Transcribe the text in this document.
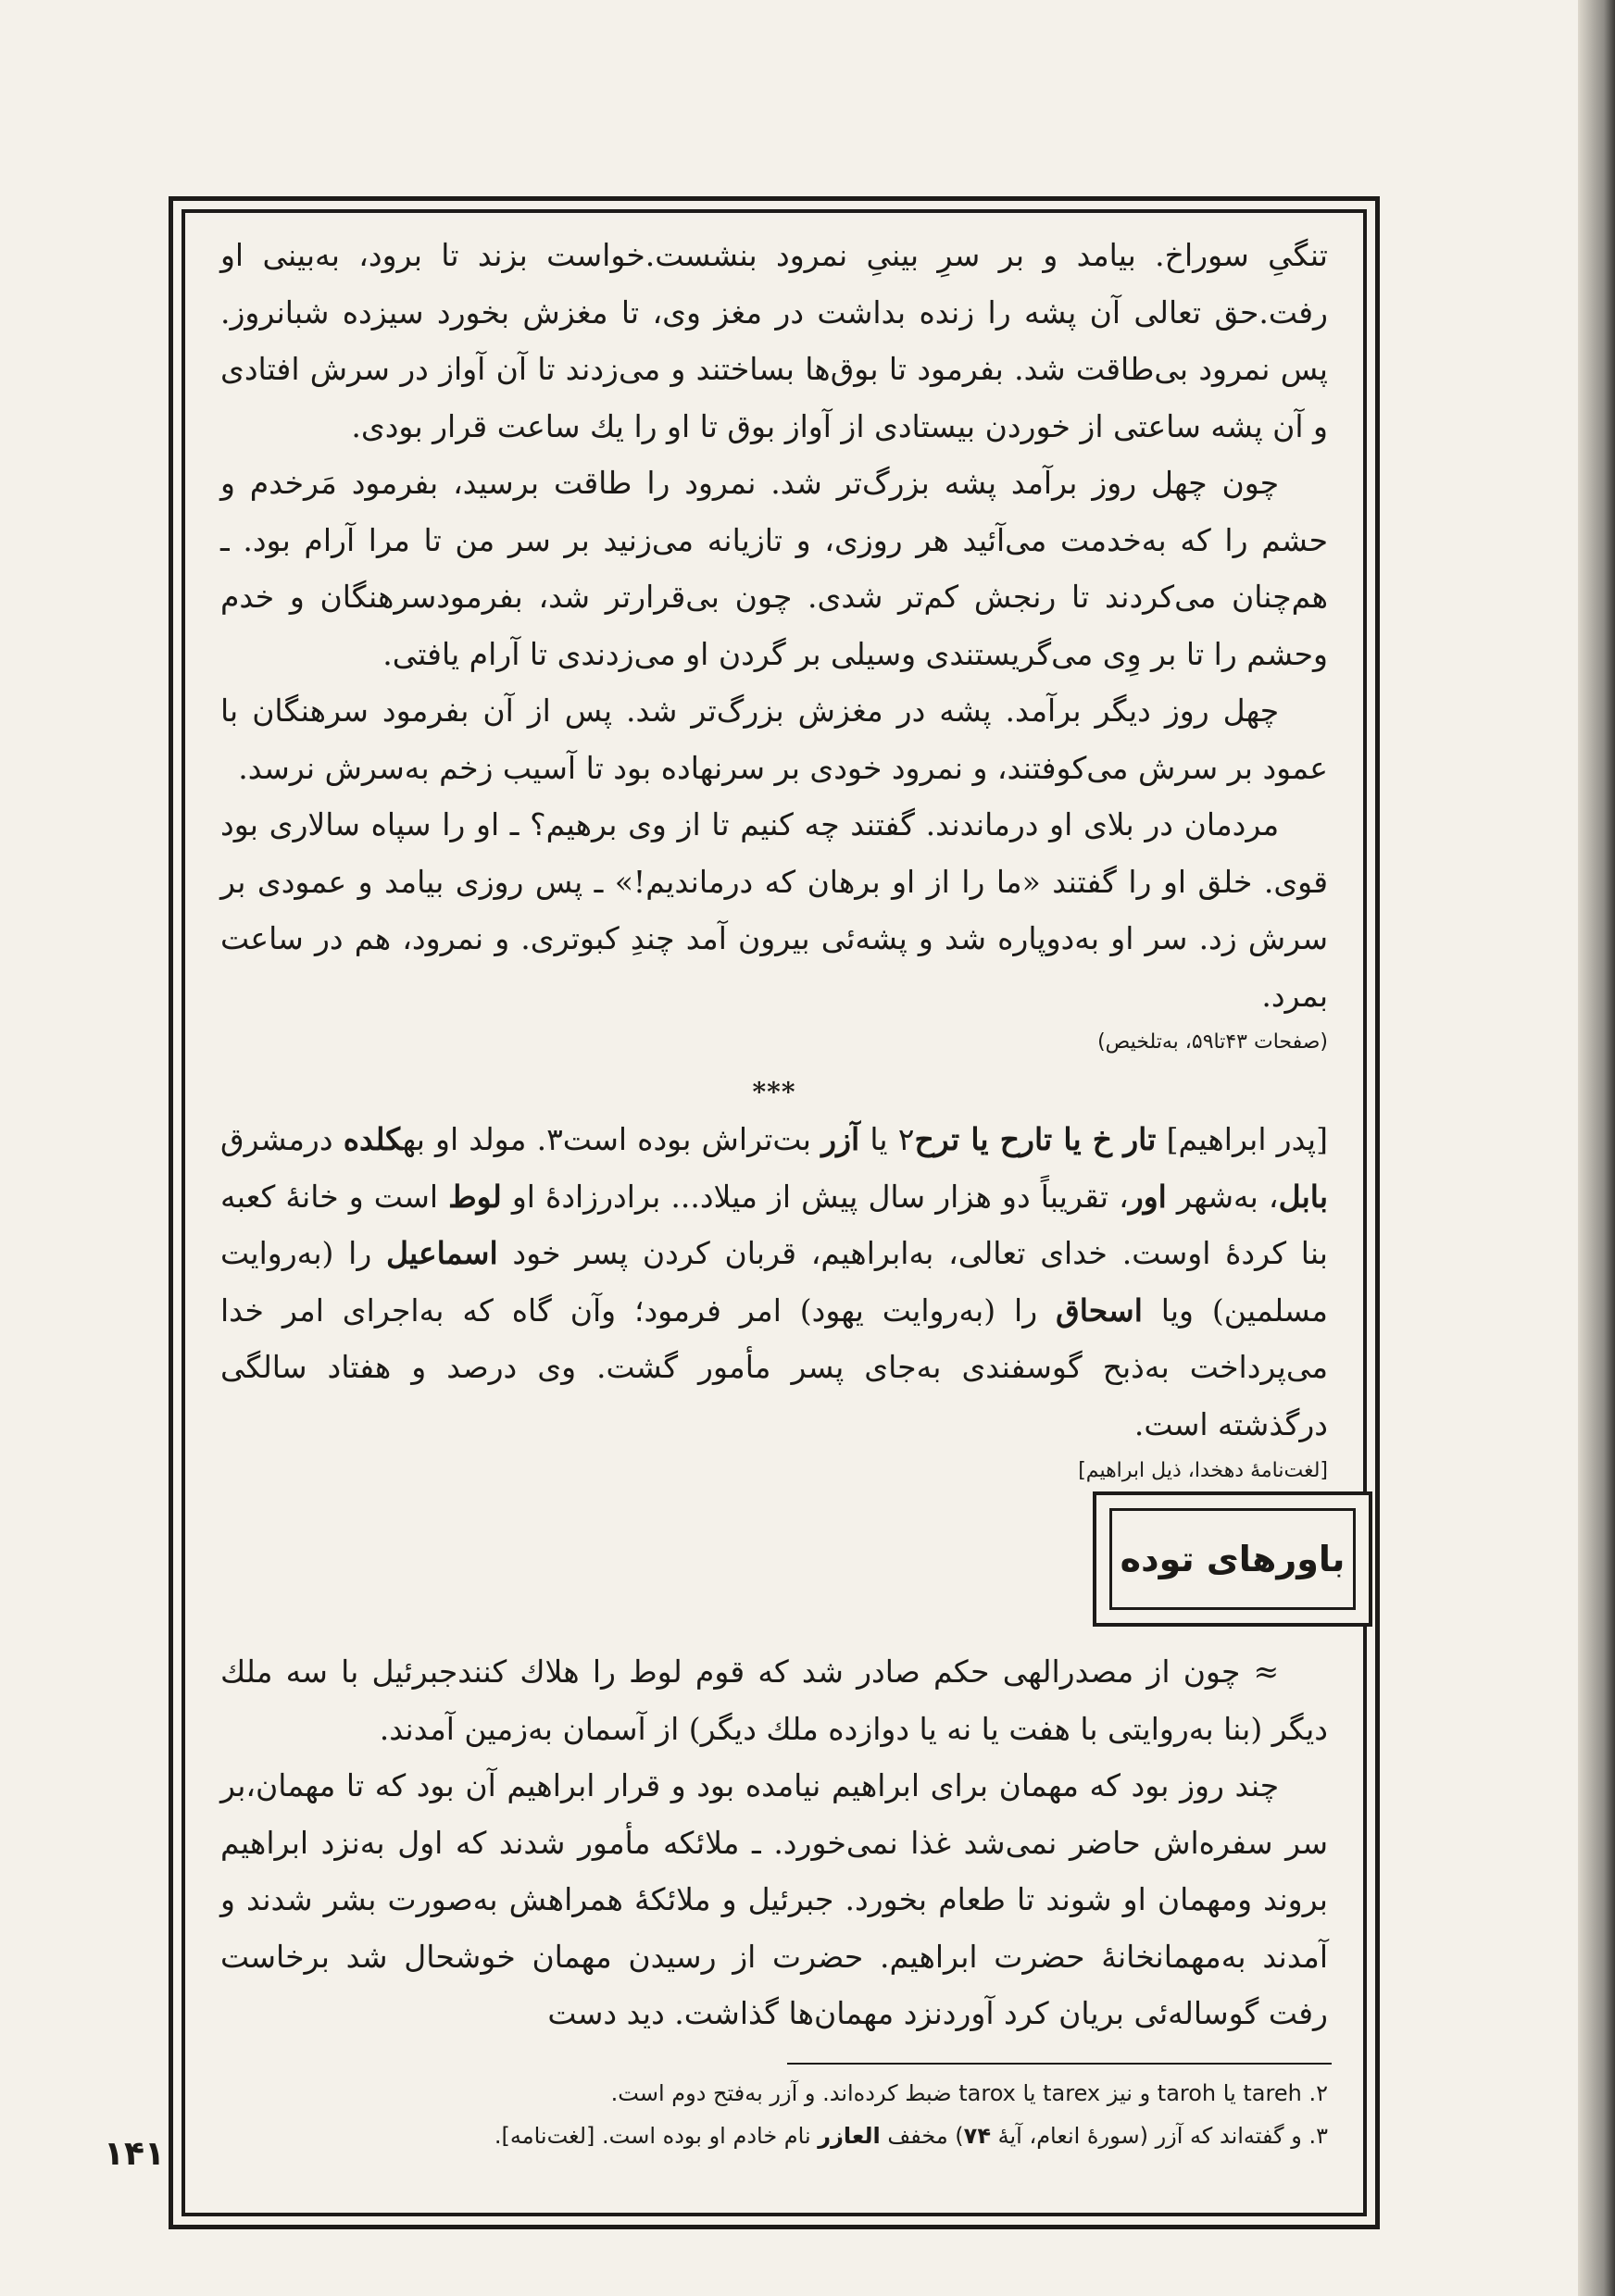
تنگیِ سوراخ. بیامد و بر سرِ بینیِ نمرود بنشست.خواست بزند تا برود، به‌بینی او رفت.حق تعالی آن پشه را زنده بداشت در مغز وی، تا مغزش بخورد سیزده شبانروز. پس نمرود بی‌طاقت شد. بفرمود تا بوق‌ها بساختند و می‌زدند تا آن آواز در سرش افتادی و آن پشه ساعتی از خوردن بیستادی از آواز بوق تا او را یك ساعت قرار بودی.

چون چهل روز برآمد پشه بزرگ‌تر شد. نمرود را طاقت برسید، بفرمود مَرخدم و حشم را که به‌خدمت می‌آئید هر روزی، و تازیانه می‌زنید بر سر من تا مرا آرام بود. ـ هم‌چنان می‌کردند تا رنجش کم‌تر شدی. چون بی‌قرارتر شد، بفرمودسرهنگان و خدم وحشم را تا بر وِی می‌گریستندی وسیلی بر گردن او می‌زدندی تا آرام یافتی.

چهل روز دیگر برآمد. پشه در مغزش بزرگ‌تر شد. پس از آن بفرمود سرهنگان با عمود بر سرش می‌کوفتند، و نمرود خودی بر سرنهاده بود تا آسیب زخم به‌سرش نرسد.

مردمان در بلای او درماندند. گفتند چه کنیم تا از وی برهیم؟ ـ او را سپاه سالاری بود قوی. خلق او را گفتند «ما را از او برهان که درماندیم!» ـ پس روزی بیامد و عمودی بر سرش زد. سر او به‌دوپاره شد و پشه‌ئی بیرون آمد چندِ کبوتری. و نمرود، هم در ساعت بمرد.

(صفحات ۴۳تا۵۹، به‌تلخیص)

***

[پدر ابراهیم] تار خ یا تارح یا ترح۲ یا آزر بت‌تراش بوده است۳. مولد او بهکلده درمشرق بابل، به‌شهر اور، تقریباً دو هزار سال پیش از میلاد... برادرزادهٔ او لوط است و خانهٔ کعبه بنا کردهٔ اوست. خدای تعالی، به‌ابراهیم، قربان کردن پسر خود اسماعیل را (به‌روایت مسلمین) ویا اسحاق را (به‌روایت یهود) امر فرمود؛ وآن گاه که به‌اجرای امر خدا می‌پرداخت به‌ذبح گوسفندی به‌جای پسر مأمور گشت. وی درصد و هفتاد سالگی درگذشته است.

[لغت‌نامهٔ دهخدا، ذیل ابراهیم]

باورهای توده

≈ چون از مصدرالهی حکم صادر شد که قوم لوط را هلاك کنندجبرئیل با سه ملك دیگر (بنا به‌روایتی با هفت یا نه یا دوازده ملك دیگر) از آسمان به‌زمین آمدند.

چند روز بود که مهمان برای ابراهیم نیامده بود و قرار ابراهیم آن بود که تا مهمان،بر سر سفره‌اش حاضر نمی‌شد غذا نمی‌خورد. ـ ملائکه مأمور شدند که اول به‌نزد ابراهیم بروند ومهمان او شوند تا طعام بخورد. جبرئیل و ملائکهٔ همراهش به‌صورت بشر شدند و آمدند به‌مهمانخانهٔ حضرت ابراهیم. حضرت از رسیدن مهمان خوشحال شد برخاست رفت گوساله‌ئی بریان کرد آوردنزد مهمان‌ها گذاشت. دید دست

۲. tareh یا taroh و نیز tarex یا tarox ضبط کرده‌اند. و آزر به‌فتح دوم است.

۳. و گفته‌اند که آزر (سورهٔ انعام، آیهٔ ۷۴) مخفف العازر نام خادم او بوده است. [لغت‌نامه].

۱۴۱
